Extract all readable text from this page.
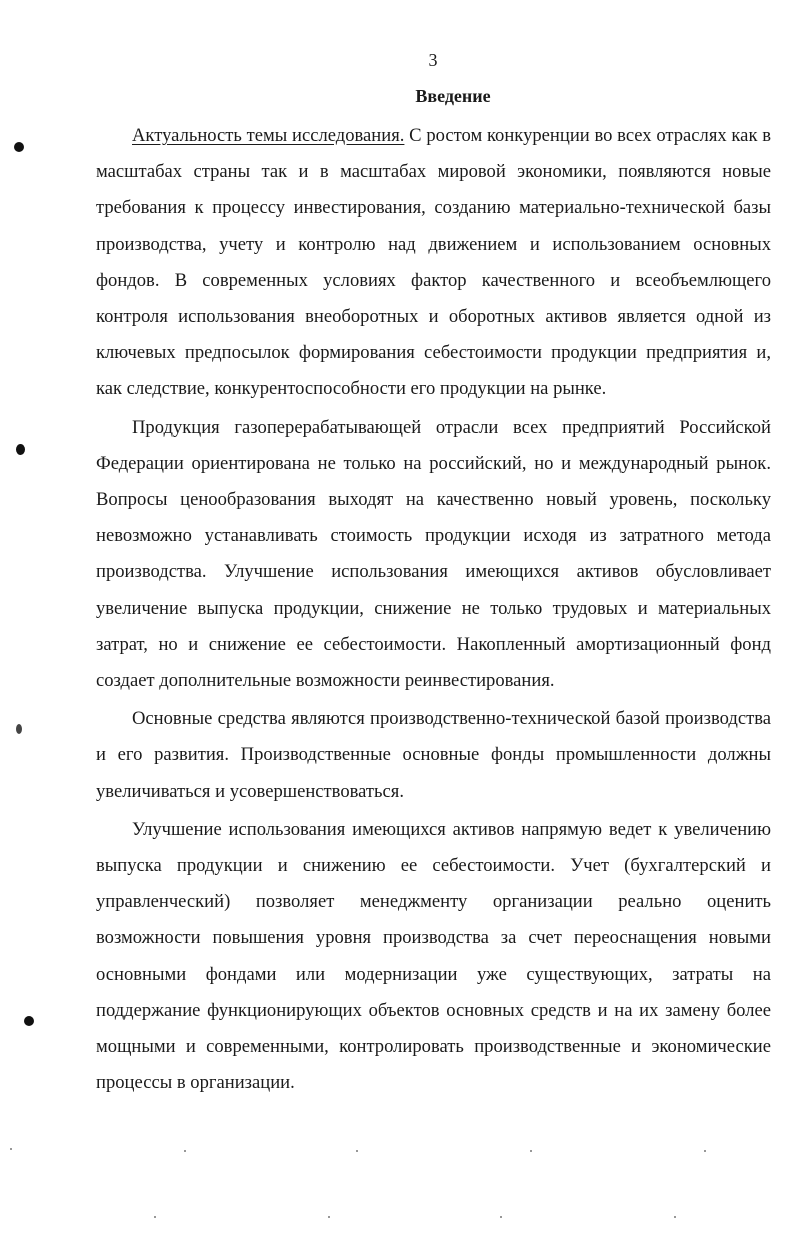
3
Введение

Актуальность темы исследования. С ростом конкуренции во всех отраслях как в масштабах страны так и в масштабах мировой экономики, появляются новые требования к процессу инвестирования, созданию материально-технической базы производства, учету и контролю над движением и использованием основных фондов. В современных условиях фактор качественного и всеобъемлющего контроля использования внеоборотных и оборотных активов является одной из ключевых предпосылок формирования себестоимости продукции предприятия и, как следствие, конкурентоспособности его продукции на рынке.

Продукция газоперерабатывающей отрасли всех предприятий Российской Федерации ориентирована не только на российский, но и международный рынок. Вопросы ценообразования выходят на качественно новый уровень, поскольку невозможно устанавливать стоимость продукции исходя из затратного метода производства. Улучшение использования имеющихся активов обусловливает увеличение выпуска продукции, снижение не только трудовых и материальных затрат, но и снижение ее себестоимости. Накопленный амортизационный фонд создает дополнительные возможности реинвестирования.

Основные средства являются производственно-технической базой производства и его развития. Производственные основные фонды промышленности должны увеличиваться и усовершенствоваться.

Улучшение использования имеющихся активов напрямую ведет к увеличению выпуска продукции и снижению ее себестоимости. Учет (бухгалтерский и управленческий) позволяет менеджменту организации реально оценить возможности повышения уровня производства за счет переоснащения новыми основными фондами или модернизации уже существующих, затраты на поддержание функционирующих объектов основных средств и на их замену более мощными и современными, контролировать производственные и экономические процессы в организации.
